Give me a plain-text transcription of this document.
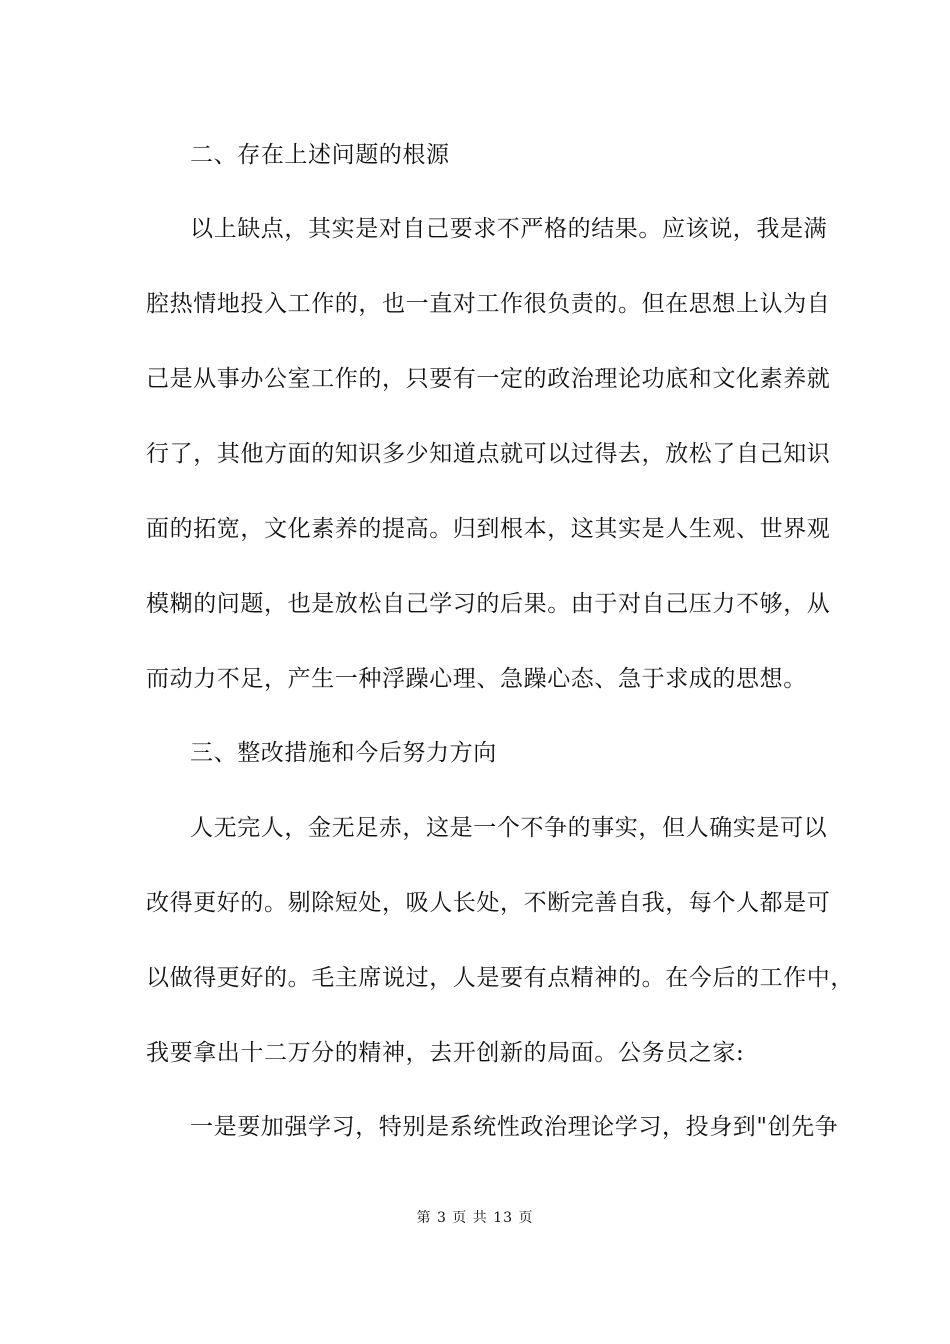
二、存在上述问题的根源
以上缺点，其实是对自己要求不严格的结果。应该说，我是满
腔热情地投入工作的，也一直对工作很负责的。但在思想上认为自
己是从事办公室工作的，只要有一定的政治理论功底和文化素养就
行了，其他方面的知识多少知道点就可以过得去，放松了自己知识
面的拓宽，文化素养的提高。归到根本，这其实是人生观、世界观
模糊的问题，也是放松自己学习的后果。由于对自己压力不够，从
而动力不足，产生一种浮躁心理、急躁心态、急于求成的思想。
三、整改措施和今后努力方向
人无完人，金无足赤，这是一个不争的事实，但人确实是可以
改得更好的。剔除短处，吸人长处，不断完善自我，每个人都是可
以做得更好的。毛主席说过，人是要有点精神的。在今后的工作中，
我要拿出十二万分的精神，去开创新的局面。公务员之家:
一是要加强学习，特别是系统性政治理论学习，投身到"创先争
第 3 页 共 13 页
